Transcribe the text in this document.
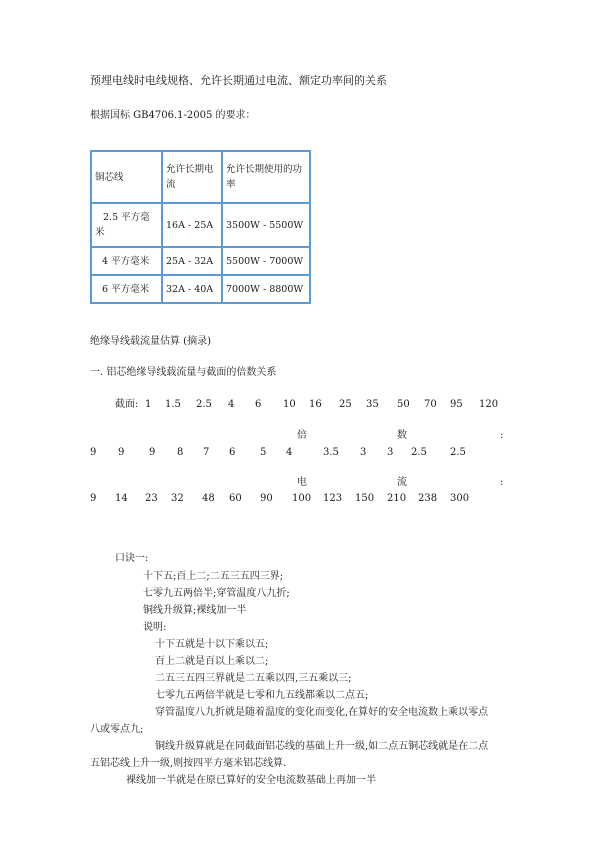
预埋电线时电线规格、允许长期通过电流、额定功率间的关系
根据国标 GB4706.1-2005 的要求：
铜芯线	允许长期电流	允许长期使用的功率
2.5 平方毫米	16A - 25A	3500W - 5500W
4 平方毫米	25A - 32A	5500W - 7000W
6 平方毫米	32A - 40A	7000W - 8800W
绝缘导线载流量估算 (摘录)
一. 铝芯绝缘导线载流量与截面的倍数关系
截面: 1 1.5 2.5 4 6 10 16 25 35 50 70 95 120
倍	数	:
9 9 9 8 7 6 5 4	3.5 3 3 2.5 2.5
电	流	:
9 14 23 32 48 60 90 100 123 150 210 238 300
口诀一:
十下五;百上二;二五三五四三界;
七零九五两倍半;穿管温度八九折;
铜线升级算;裸线加一半
说明:
十下五就是十以下乘以五;
百上二就是百以上乘以二;
二五三五四三界就是二五乘以四,三五乘以三;
七零九五两倍半就是七零和九五线都乘以二点五;
穿管温度八九折就是随着温度的变化而变化,在算好的安全电流数上乘以零点
八或零点九;
铜线升级算就是在同截面铝芯线的基础上升一级,如二点五铜芯线就是在二点
五铝芯线上升一级,则按四平方毫米铝芯线算.
裸线加一半就是在原已算好的安全电流数基础上再加一半
